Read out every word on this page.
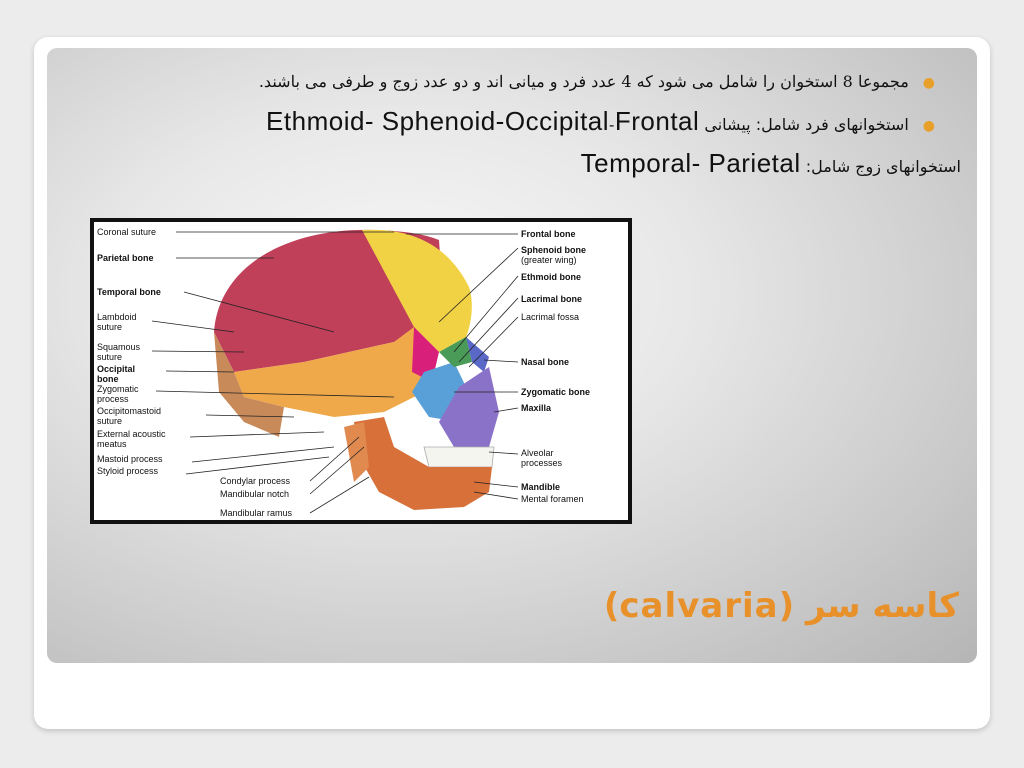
●مجموعا 8 استخوان را شامل می شود که 4 عدد فرد و میانی اند و دو عدد زوج و طرفی می باشند.
●استخوانهای فرد شامل: پیشانی Ethmoid- Sphenoid-Occipital-Frontal
استخوانهای زوج شامل: Temporal- Parietal
Coronal suture
Parietal bone
Temporal bone
Lambdoid
suture
Squamous
suture
Occipital
bone
Zygomatic
process
Occipitomastoid
suture
External acoustic
meatus
Mastoid process
Styloid process
Condylar process
Mandibular notch
Mandibular ramus
Frontal bone
Sphenoid bone
(greater wing)
Ethmoid bone
Lacrimal bone
Lacrimal fossa
Nasal bone
Zygomatic bone
Maxilla
Alveolar
processes
Mandible
Mental foramen
کاسه سر (calvaria)
